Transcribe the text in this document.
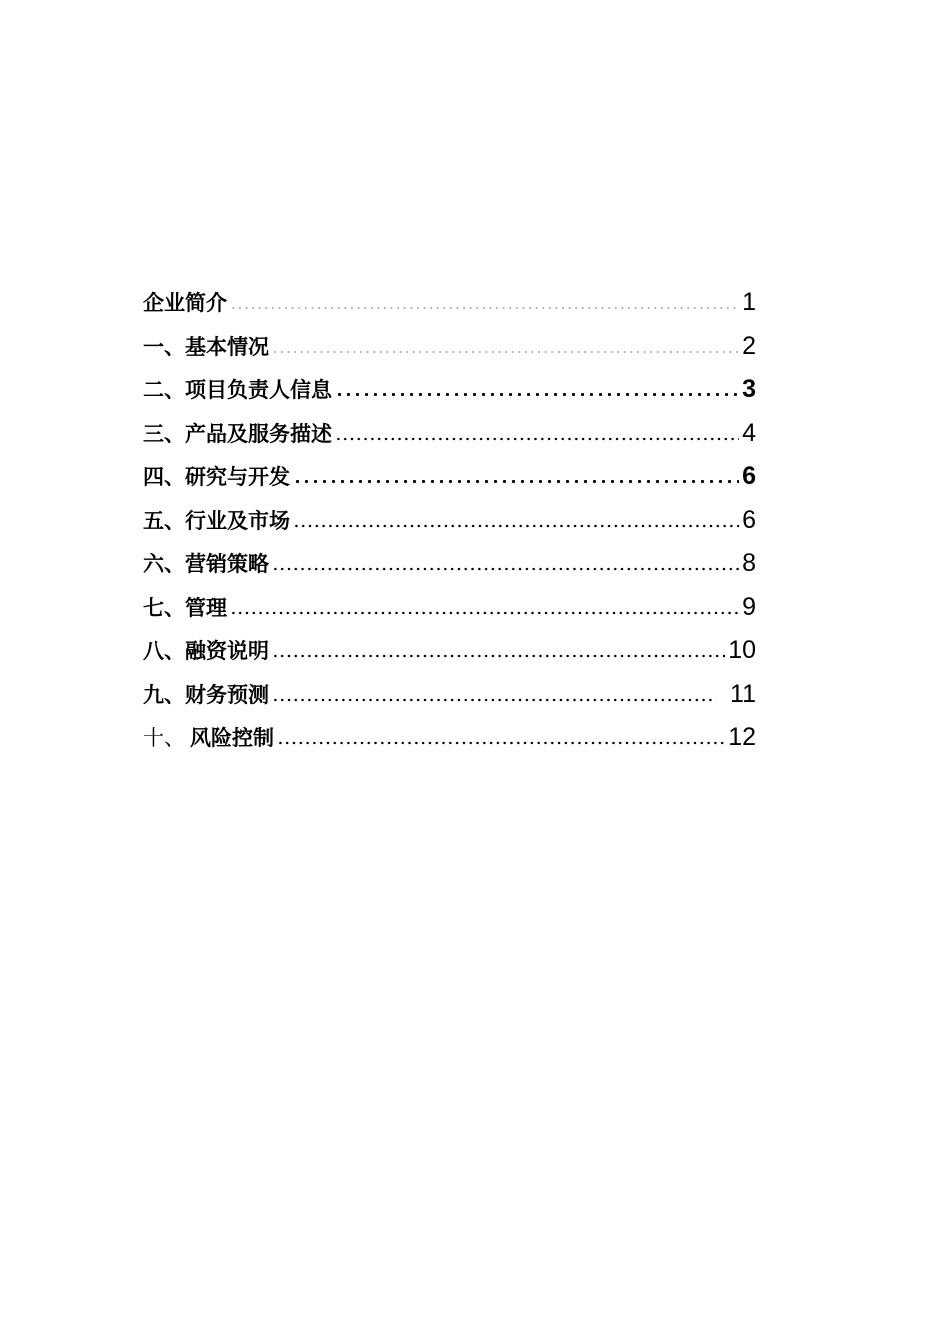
企业简介	1
一、基本情况	2
二、项目负责人信息	3
三、产品及服务描述	4
四、研究与开发	6
五、行业及市场	6
六、营销策略	8
七、管理	9
八、融资说明	10
九、财务预测	11
十、 风险控制	12
